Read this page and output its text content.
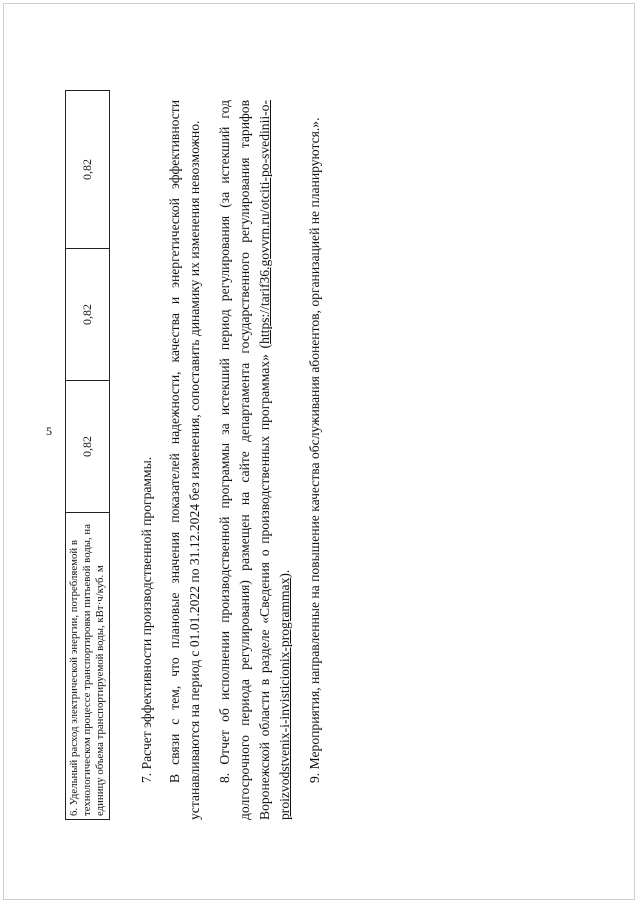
5
6. Удельный расход электрической энергии, потребляемой в технологическом процессе транспортировки питьевой воды, на единицу объема транспортируемой воды, кВт·ч/куб. м	0,82	0,82	0,82

7. Расчет эффективности производственной программы. В связи с тем, что плановые значения показателей надежности, качества и энергетической эффективности устанавливаются на период с 01.01.2022 по 31.12.2024 без изменения, сопоставить динамику их изменения невозможно. 8. Отчет об исполнении производственной программы за истекший период регулирования (за истекший год долгосрочного периода регулирования) размещен на сайте департамента государственного регулирования тарифов Воронежской области в разделе «Сведения о производственных программах» (https://tarif36.govvrn.ru/otciti-po-svedinii-o-proizvodstvenix-i-invisticionix-programmax). 9. Мероприятия, направленные на повышение качества обслуживания абонентов, организацией не планируются.».
